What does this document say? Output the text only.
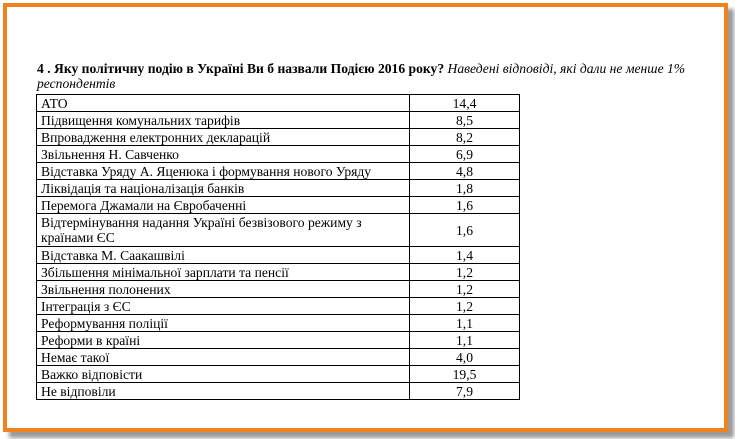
4 . Яку політичну подію в Україні Ви б назвали Подією 2016 року? Наведені відповіді, які дали не менше 1% респондентів
АТО	14,4
Підвищення комунальних тарифів	8,5
Впровадження електронних декларацій	8,2
Звільнення Н. Савченко	6,9
Відставка Уряду А. Яценюка і формування нового Уряду	4,8
Ліквідація та націоналізація банків	1,8
Перемога Джамали на Євробаченні	1,6
Відтермінування надання Україні безвізового режиму з країнами ЄС	1,6
Відставка М. Саакашвілі	1,4
Збільшення мінімальної зарплати та пенсії	1,2
Звільнення полонених	1,2
Інтеграція з ЄС	1,2
Реформування поліції	1,1
Реформи в країні	1,1
Немає такої	4,0
Важко відповісти	19,5
Не відповіли	7,9
